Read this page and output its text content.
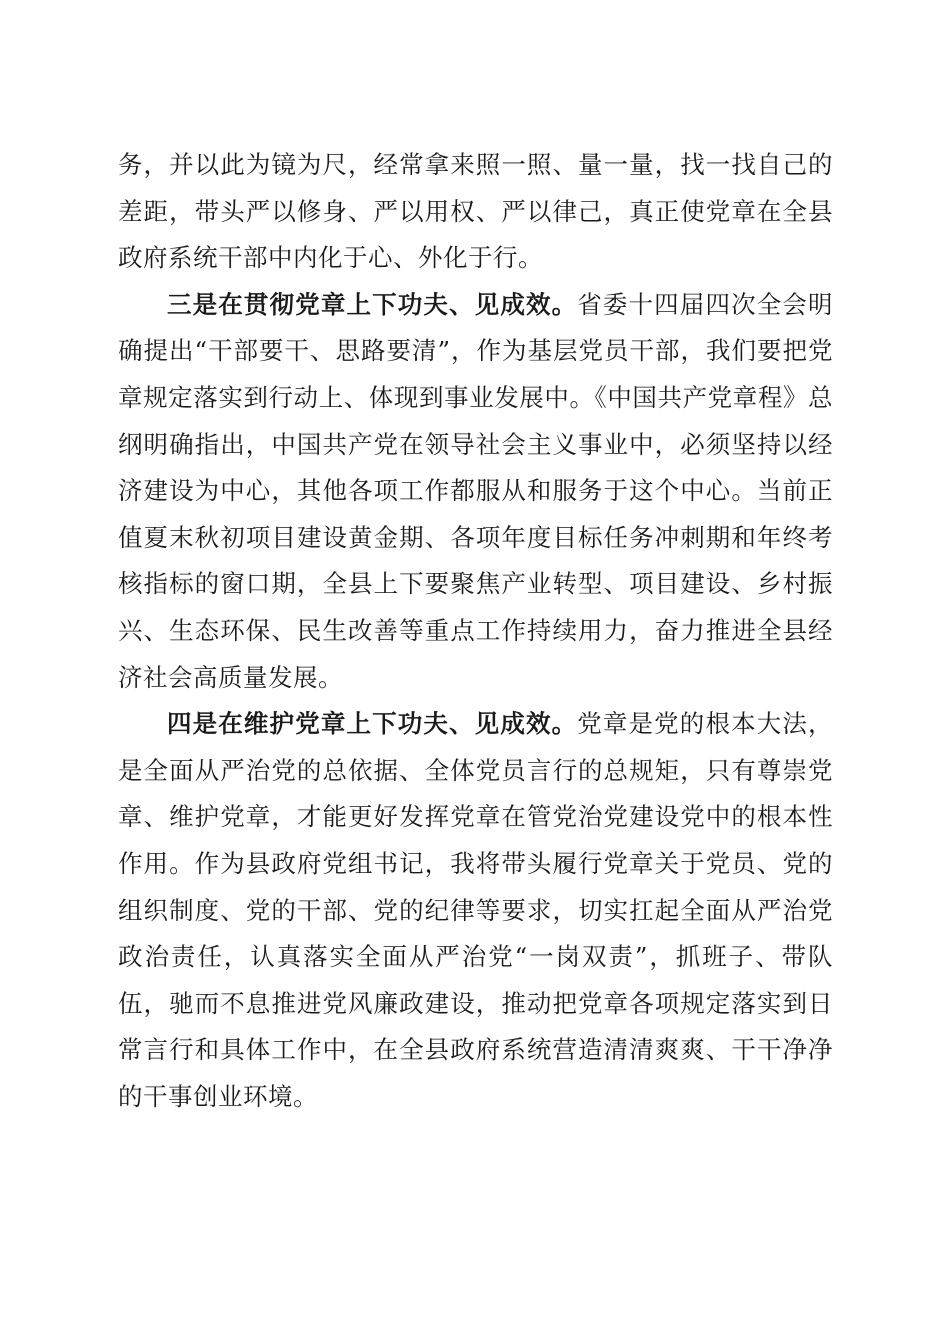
务，并以此为镜为尺，经常拿来照一照、量一量，找一找自己的差距，带头严以修身、严以用权、严以律己，真正使党章在全县政府系统干部中内化于心、外化于行。

三是在贯彻党章上下功夫、见成效。省委十四届四次全会明确提出“干部要干、思路要清”，作为基层党员干部，我们要把党章规定落实到行动上、体现到事业发展中。《中国共产党章程》总纲明确指出，中国共产党在领导社会主义事业中，必须坚持以经济建设为中心，其他各项工作都服从和服务于这个中心。当前正值夏末秋初项目建设黄金期、各项年度目标任务冲刺期和年终考核指标的窗口期，全县上下要聚焦产业转型、项目建设、乡村振兴、生态环保、民生改善等重点工作持续用力，奋力推进全县经济社会高质量发展。

四是在维护党章上下功夫、见成效。党章是党的根本大法，是全面从严治党的总依据、全体党员言行的总规矩，只有尊崇党章、维护党章，才能更好发挥党章在管党治党建设党中的根本性作用。作为县政府党组书记，我将带头履行党章关于党员、党的组织制度、党的干部、党的纪律等要求，切实扛起全面从严治党政治责任，认真落实全面从严治党“一岗双责”，抓班子、带队伍，驰而不息推进党风廉政建设，推动把党章各项规定落实到日常言行和具体工作中，在全县政府系统营造清清爽爽、干干净净的干事创业环境。
